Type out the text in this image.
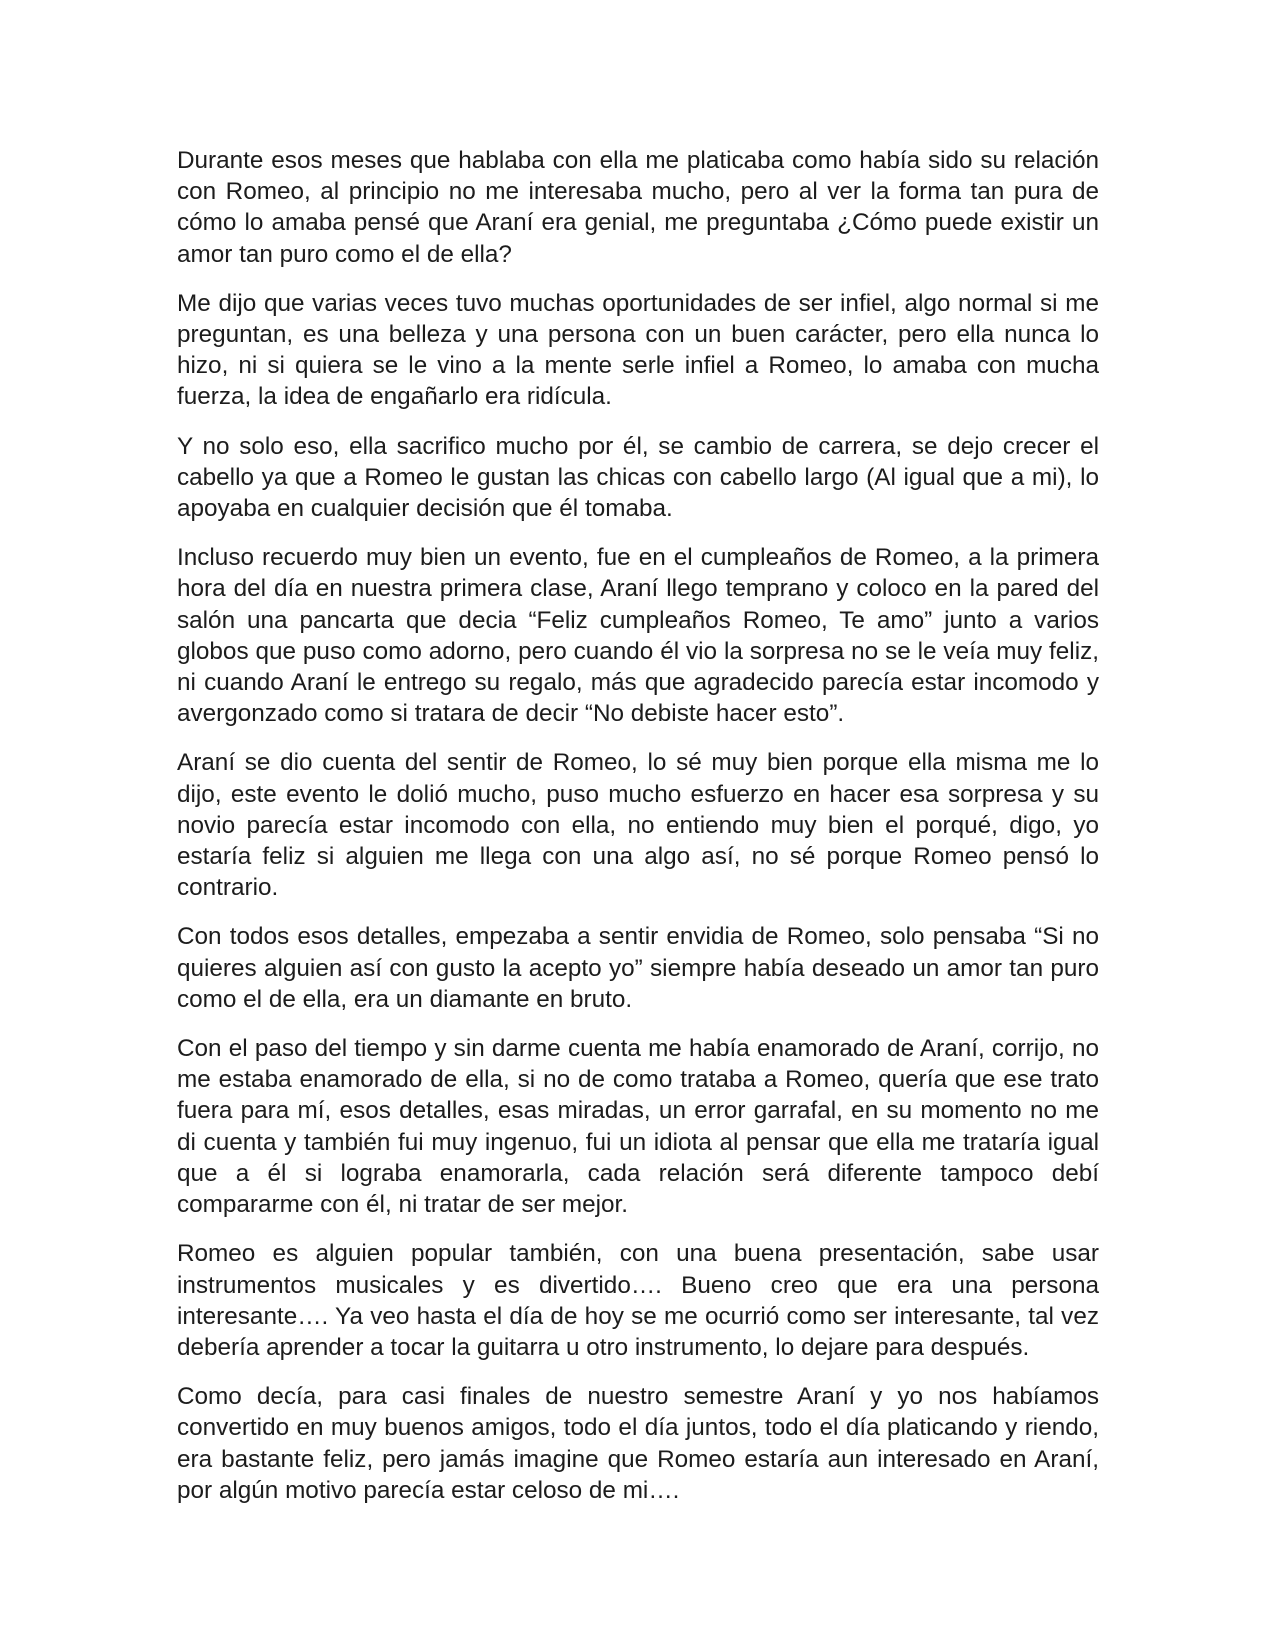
Durante esos meses que hablaba con ella me platicaba como había sido su relación con Romeo, al principio no me interesaba mucho, pero al ver la forma tan pura de cómo lo amaba pensé que Araní era genial, me preguntaba ¿Cómo puede existir un amor tan puro como el de ella?

Me dijo que varias veces tuvo muchas oportunidades de ser infiel, algo normal si me preguntan, es una belleza y una persona con un buen carácter, pero ella nunca lo hizo, ni si quiera se le vino a la mente serle infiel a Romeo, lo amaba con mucha fuerza, la idea de engañarlo era ridícula.

Y no solo eso, ella sacrifico mucho por él, se cambio de carrera, se dejo crecer el cabello ya que a Romeo le gustan las chicas con cabello largo (Al igual que a mi), lo apoyaba en cualquier decisión que él tomaba.

Incluso recuerdo muy bien un evento, fue en el cumpleaños de Romeo, a la primera hora del día en nuestra primera clase, Araní llego temprano y coloco en la pared del salón una pancarta que decia “Feliz cumpleaños Romeo, Te amo” junto a varios globos que puso como adorno, pero cuando él vio la sorpresa no se le veía muy feliz, ni cuando Araní le entrego su regalo, más que agradecido parecía estar incomodo y avergonzado como si tratara de decir “No debiste hacer esto”.

Araní se dio cuenta del sentir de Romeo, lo sé muy bien porque ella misma me lo dijo, este evento le dolió mucho, puso mucho esfuerzo en hacer esa sorpresa y su novio parecía estar incomodo con ella, no entiendo muy bien el porqué, digo, yo estaría feliz si alguien me llega con una algo así, no sé porque Romeo pensó lo contrario.

Con todos esos detalles, empezaba a sentir envidia de Romeo, solo pensaba “Si no quieres alguien así con gusto la acepto yo” siempre había deseado un amor tan puro como el de ella, era un diamante en bruto.

Con el paso del tiempo y sin darme cuenta me había enamorado de Araní, corrijo, no me estaba enamorado de ella, si no de como trataba a Romeo, quería que ese trato fuera para mí, esos detalles, esas miradas, un error garrafal, en su momento no me di cuenta y también fui muy ingenuo, fui un idiota al pensar que ella me trataría igual que a él si lograba enamorarla, cada relación será diferente tampoco debí compararme con él, ni tratar de ser mejor.

Romeo es alguien popular también, con una buena presentación, sabe usar instrumentos musicales y es divertido…. Bueno creo que era una persona interesante…. Ya veo hasta el día de hoy se me ocurrió como ser interesante, tal vez debería aprender a tocar la guitarra u otro instrumento, lo dejare para después.

Como decía, para casi finales de nuestro semestre Araní y yo nos habíamos convertido en muy buenos amigos, todo el día juntos, todo el día platicando y riendo, era bastante feliz, pero jamás imagine que Romeo estaría aun interesado en Araní, por algún motivo parecía estar celoso de mi….
